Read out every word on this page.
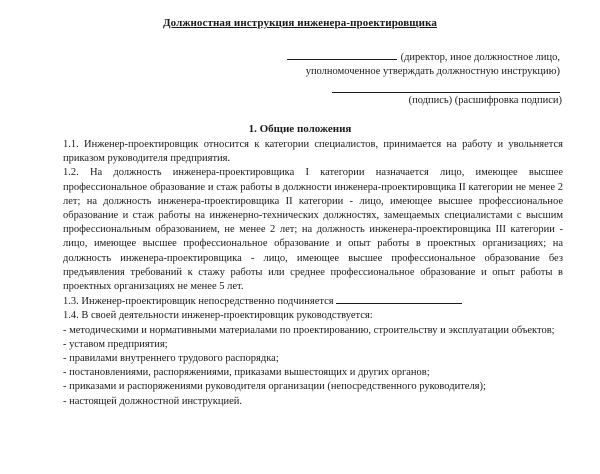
Должностная инструкция инженера-проектировщика
(директор, иное должностное лицо,
уполномоченное утверждать должностную инструкцию)
(подпись) (расшифровка подписи)
1. Общие положения

1.1. Инженер-проектировщик относится к категории специалистов, принимается на работу и увольняется приказом руководителя предприятия.

1.2. На должность инженера-проектировщика I категории назначается лицо, имеющее высшее профессиональное образование и стаж работы в должности инженера-проектировщика II категории не менее 2 лет; на должность инженера-проектировщика II категории - лицо, имеющее высшее профессиональное образование и стаж работы на инженерно-технических должностях, замещаемых специалистами с высшим профессиональным образованием, не менее 2 лет; на должность инженера-проектировщика III категории - лицо, имеющее высшее профессиональное образование и опыт работы в проектных организациях; на должность инженера-проектировщика - лицо, имеющее высшее профессиональное образование без предъявления требований к стажу работы или среднее профессиональное образование и опыт работы в проектных организациях не менее 5 лет.

1.3. Инженер-проектировщик непосредственно подчиняется

1.4. В своей деятельности инженер-проектировщик руководствуется:

- методическими и нормативными материалами по проектированию, строительству и эксплуатации объектов;

- уставом предприятия;

- правилами внутреннего трудового распорядка;

- постановлениями, распоряжениями, приказами вышестоящих и других органов;

- приказами и распоряжениями руководителя организации (непосредственного руководителя);

- настоящей должностной инструкцией.
